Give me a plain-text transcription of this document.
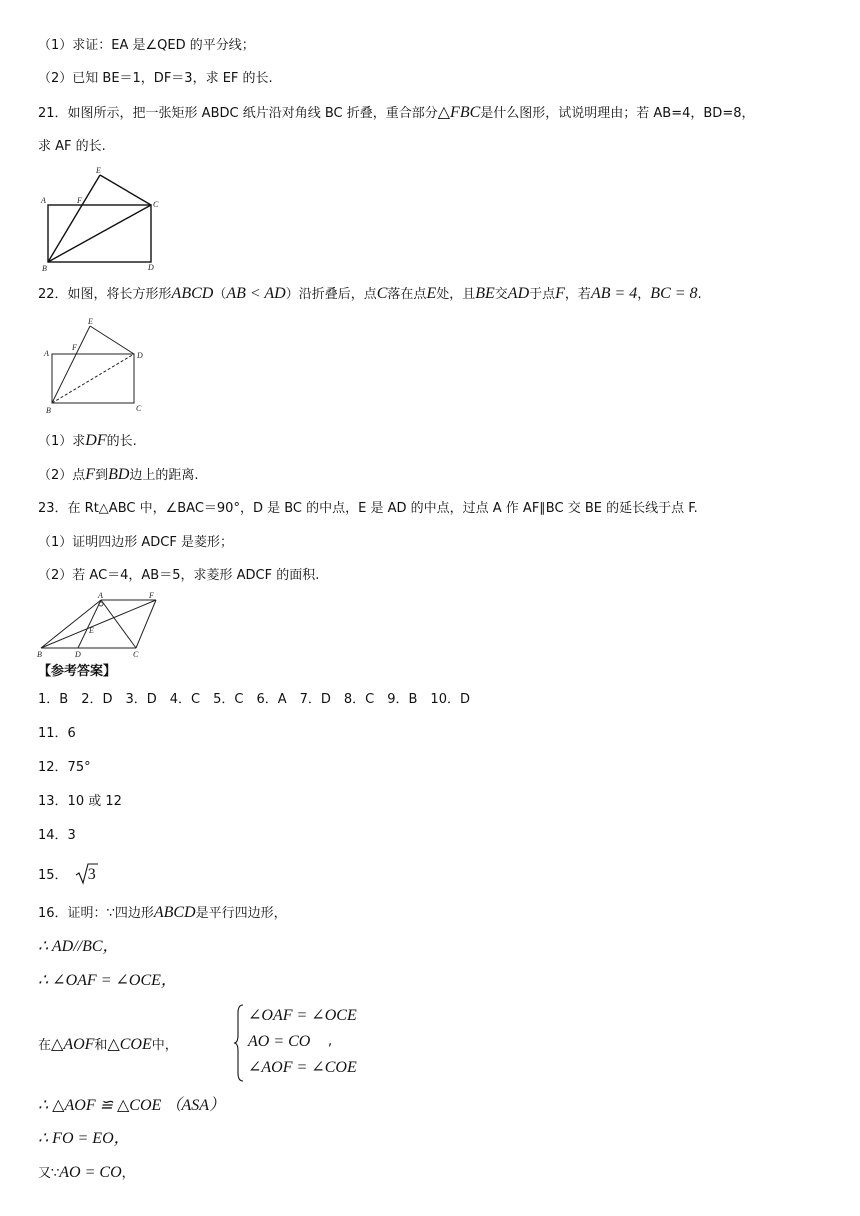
（1）求证：EA 是∠QED 的平分线；
（2）已知 BE＝1，DF＝3，求 EF 的长.
21．如图所示，把一张矩形 ABDC 纸片沿对角线 BC 折叠，重合部分△FBC是什么图形，试说明理由；若 AB=4，BD=8，
求 AF 的长.
E
A	F	C
B	D
22．如图，将长方形形ABCD（AB < AD）沿折叠后，点C落在点E处，且BE交AD于点F，若AB = 4，BC = 8.
E
A
F
D
B	C
（1）求DF的长.
（2）点F到BD边上的距离.
23．在 Rt△ABC 中，∠BAC＝90°，D 是 BC 的中点，E 是 AD 的中点，过点 A 作 AF∥BC 交 BE 的延长线于点 F.
（1）证明四边形 ADCF 是菱形；
（2）若 AC＝4，AB＝5，求菱形 ADCF 的面积.
A	F
E
B	D	C
【参考答案】
1．B　2．D　3．D　4．C　5．C　6．A　7．D　8．C　9．B　10．D
11．6
12．75°
13．10 或 12
14．3
15． 3
16．证明：∵四边形ABCD是平行四边形，
∴ AD//BC，
∴ ∠OAF = ∠OCE，
在△AOF和△COE中，
∠OAF = ∠OCE
AO = CO
∠AOF = ∠COE
,
∴ △AOF ≌ △COE （ASA）
∴ FO = EO，
又∵AO = CO，
